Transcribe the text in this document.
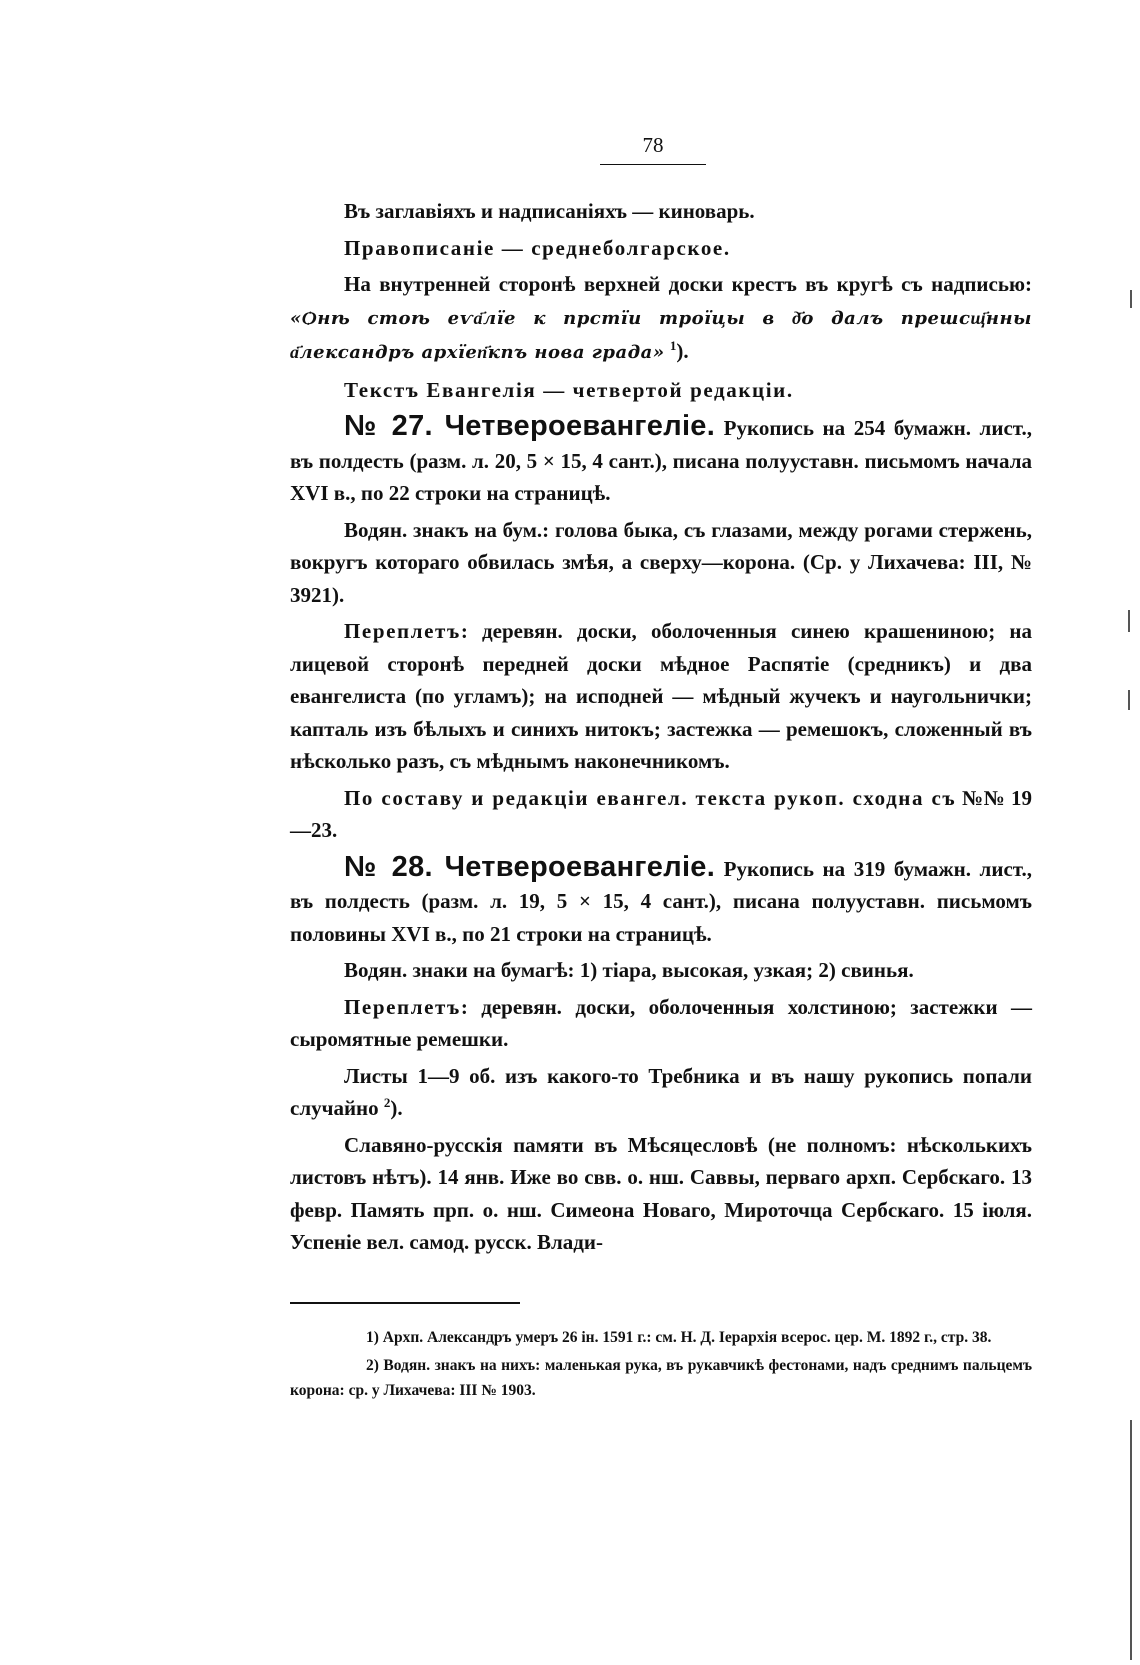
78

Въ заглавіяхъ и надписаніяхъ — киноварь.

Правописаніе — среднеболгарское.

На внутренней сторонѣ верхней доски крестъ въ кругѣ съ надписью: «Ѻнѣ стоѣ еѵа҃лїе к прстїи троїцы в д҃о далъ прешсщ҃нны а҃лександръ архїеп҃кпъ нова града» $^1$).

Текстъ Евангелія — четвертой редакціи.

№ 27. Четвероевангеліе. Рукопись на 254 бумажн. лист., въ полдесть (разм. л. 20, 5 × 15, 4 сант.), писана полууставн. письмомъ начала XVI в., по 22 строки на страницѣ.

Водян. знакъ на бум.: голова быка, съ глазами, между рогами стержень, вокругъ котораго обвилась змѣя, а сверху—корона. (Ср. у Лихачева: III, № 3921).

Переплетъ: деревян. доски, оболоченныя синею крашениною; на лицевой сторонѣ передней доски мѣдное Распятіе (средникъ) и два евангелиста (по угламъ); на исподней — мѣдный жучекъ и наугольнички; капталь изъ бѣлыхъ и синихъ нитокъ; застежка — ремешокъ, сложенный въ нѣсколько разъ, съ мѣднымъ наконечникомъ.

По составу и редакціи евангел. текста рукоп. сходна съ №№ 19—23.

№ 28. Четвероевангеліе. Рукопись на 319 бумажн. лист., въ полдесть (разм. л. 19, 5 × 15, 4 сант.), писана полууставн. письмомъ половины XVI в., по 21 строки на страницѣ.

Водян. знаки на бумагѣ: 1) тіара, высокая, узкая; 2) свинья.

Переплетъ: деревян. доски, оболоченныя холстиною; застежки — сыромятные ремешки.

Листы 1—9 об. изъ какого-то Требника и въ нашу рукопись попали случайно $^2$).

Славяно-русскія памяти въ Мѣсяцесловѣ (не полномъ: нѣсколькихъ листовъ нѣтъ). 14 янв. Иже во свв. о. нш. Саввы, перваго архп. Сербскаго. 13 февр. Память прп. о. нш. Симеона Новаго, Мироточца Сербскаго. 15 іюля. Успеніе вел. самод. русск. Влади-

1) Архп. Александръ умеръ 26 ін. 1591 г.: см. Н. Д. Іерархія всерос. цер. М. 1892 г., стр. 38.

2) Водян. знакъ на нихъ: маленькая рука, въ рукавчикѣ фестонами, надъ среднимъ пальцемъ корона: ср. у Лихачева: III № 1903.
